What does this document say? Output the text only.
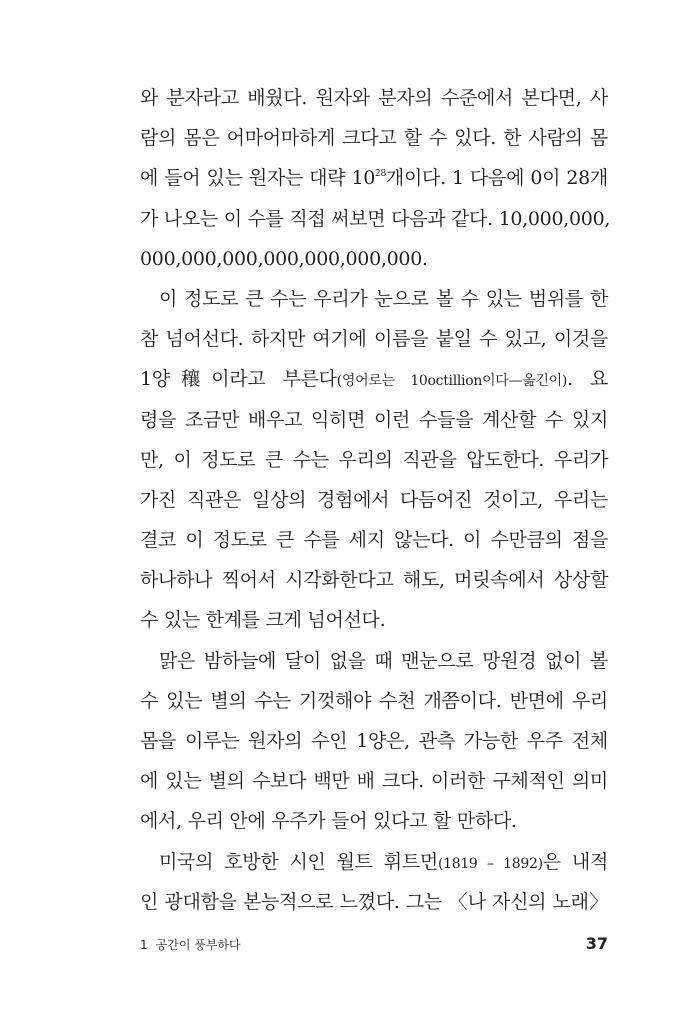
와 분자라고 배웠다. 원자와 분자의 수준에서 본다면, 사
람의 몸은 어마어마하게 크다고 할 수 있다. 한 사람의 몸
에 들어 있는 원자는 대략 $10^{28}$개이다. 1 다음에 0이 28개
가 나오는 이 수를 직접 써보면 다음과 같다. 10,000,000,
000,000,000,000,000,000,000.
이 정도로 큰 수는 우리가 눈으로 볼 수 있는 범위를 한
참 넘어선다. 하지만 여기에 이름을 붙일 수 있고, 이것을
1양穰이라고 부른다(영어로는 10octillion이다—옮긴이). 요
령을 조금만 배우고 익히면 이런 수들을 계산할 수 있지
만, 이 정도로 큰 수는 우리의 직관을 압도한다. 우리가
가진 직관은 일상의 경험에서 다듬어진 것이고, 우리는
결코 이 정도로 큰 수를 세지 않는다. 이 수만큼의 점을
하나하나 찍어서 시각화한다고 해도, 머릿속에서 상상할
수 있는 한계를 크게 넘어선다.
맑은 밤하늘에 달이 없을 때 맨눈으로 망원경 없이 볼
수 있는 별의 수는 기껏해야 수천 개쯤이다. 반면에 우리
몸을 이루는 원자의 수인 1양은, 관측 가능한 우주 전체
에 있는 별의 수보다 백만 배 크다. 이러한 구체적인 의미
에서, 우리 안에 우주가 들어 있다고 할 만하다.
미국의 호방한 시인 월트 휘트먼(1819 – 1892)은 내적
인 광대함을 본능적으로 느꼈다. 그는 〈나 자신의 노래〉
1 공간이 풍부하다	37
